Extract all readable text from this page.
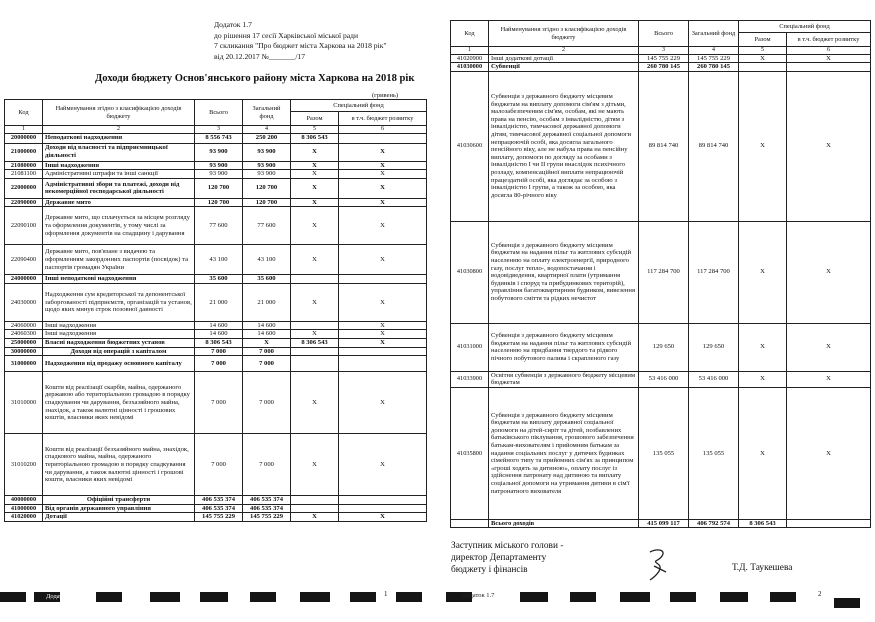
Додаток 1.7
до рішення 17 сесії Харківської міської ради
7 скликання "Про бюджет міста Харкова на 2018 рік"
від 20.12.2017 №_______/17
Доходи бюджету Основ'янського району міста Харкова на 2018 рік
(гривень)
Код	Найменування згідно з класифікацією доходів бюджету	Всього	Загальний фонд	Спеціальний фонд	
				Разом	в т.ч. бюджет розвитку
1	2	3	4	5	6
20000000	Неподаткові надходження	8 556 743	250 200	8 306 543	
21000000	Доходи від власності та підприємницької діяльності	93 900	93 900	X	X
21080000	Інші надходження	93 900	93 900	X	X
21081100	Адміністративні штрафи та інші санкції	93 900	93 900	X	X
22000000	Адміністративні збори та платежі, доходи від некомерційної господарської діяльності	120 700	120 700	X	X
22090000	Державне мито	120 700	120 700	X	X
22090100	Державне мито, що сплачується за місцем розгляду та оформлення документів, у тому числі за оформлення документів на спадщину і дарування	77 600	77 600	X	X
22090400	Державне мито, пов'язане з видачею та оформленням закордонних паспортів (посвідок) та паспортів громадян України	43 100	43 100	X	X
24000000	Інші неподаткові надходження	35 600	35 600		
24030000	Надходження сум кредиторської та депонентської заборгованості підприємств, організацій та установ, щодо яких минув строк позовної давності	21 000	21 000	X	X
24060000	Інші надходження	14 600	14 600		X
24060300	Інші надходження	14 600	14 600	X	X
25000000	Власні надходження бюджетних установ	8 306 543	X	8 306 543	X
30000000	Доходи від операцій з капіталом	7 000	7 000		
31000000	Надходження від продажу основного капіталу	7 000	7 000		
31010000	Кошти від реалізації скарбів, майна, одержаного державою або територіальною громадою в порядку спадкування чи дарування, безхазяйного майна, знахідок, а також валютні цінності і грошових коштів, власники яких невідомі	7 000	7 000	X	X
31010200	Кошти від реалізації безхазяйного майна, знахідок, спадкового майна, майна, одержаного територіальною громадою в порядку спадкування чи дарування, а також валютні цінності і грошові кошти, власники яких невідомі	7 000	7 000	X	X
40000000	Офіційні трансферти	406 535 374	406 535 374		
41000000	Від органів державного управління	406 535 374	406 535 374		
41020000	Дотації	145 755 229	145 755 229	X	X
Код	Найменування згідно з класифікацією доходів бюджету	Всього	Загальний фонд	Спеціальний фонд	
				Разом	в т.ч. бюджет розвитку
1	2	3	4	5	6
41020900	Інші додаткові дотації	145 755 229	145 755 229	X	X
41030000	Субвенції	260 780 145	260 780 145		
41030600	Субвенція з державного бюджету місцевим бюджетам на виплату допомоги сім'ям з дітьми, малозабезпеченим сім'ям, особам, які не мають права на пенсію, особам з інвалідністю, дітям з інвалідністю, тимчасової державної допомоги дітям, тимчасової державної соціальної допомоги непрацюючій особі, яка досягла загального пенсійного віку, але не набула права на пенсійну виплату, допомоги по догляду за особами з інвалідністю I чи II групи внаслідок психічного розладу, компенсаційної виплати непрацюючій працездатній особі, яка доглядає за особою з інвалідністю I групи, а також за особою, яка досягла 80-річного віку	89 814 740	89 814 740	X	X
41030800	Субвенція з державного бюджету місцевим бюджетам на надання пільг та житлових субсидій населенню на оплату електроенергії, природного газу, послуг тепло-, водопостачання і водовідведення, квартирної плати (утримання будинків і споруд та прибудинкових територій), управління багатоквартирним будинком, вивезення побутового сміття та рідких нечистот	117 284 700	117 284 700	X	X
41031000	Субвенція з державного бюджету місцевим бюджетам на надання пільг та житлових субсидій населенню на придбання твердого та рідкого пічного побутового палива і скрапленого газу	129 650	129 650	X	X
41033900	Освітня субвенція з державного бюджету місцевим бюджетам	53 416 000	53 416 000	X	X
41035800	Субвенція з державного бюджету місцевим бюджетам на виплату державної соціальної допомоги на дітей-сиріт та дітей, позбавлених батьківського піклування, грошового забезпечення батькам-вихователям і прийомним батькам за надання соціальних послуг у дитячих будинках сімейного типу та прийомних сім'ях за принципом «гроші ходять за дитиною», оплату послуг із здійснення патронату над дитиною та виплату соціальної допомоги на утримання дитини в сім'ї патронатного вихователя	135 055	135 055	X	X
	Всього доходів	415 099 117	406 792 574	8 306 543	
Заступник міського голови -
директор Департаменту
бюджету і фінансів	Т.Д. Таукешева
Додаток 1.7	1	Додаток 1.7	2
